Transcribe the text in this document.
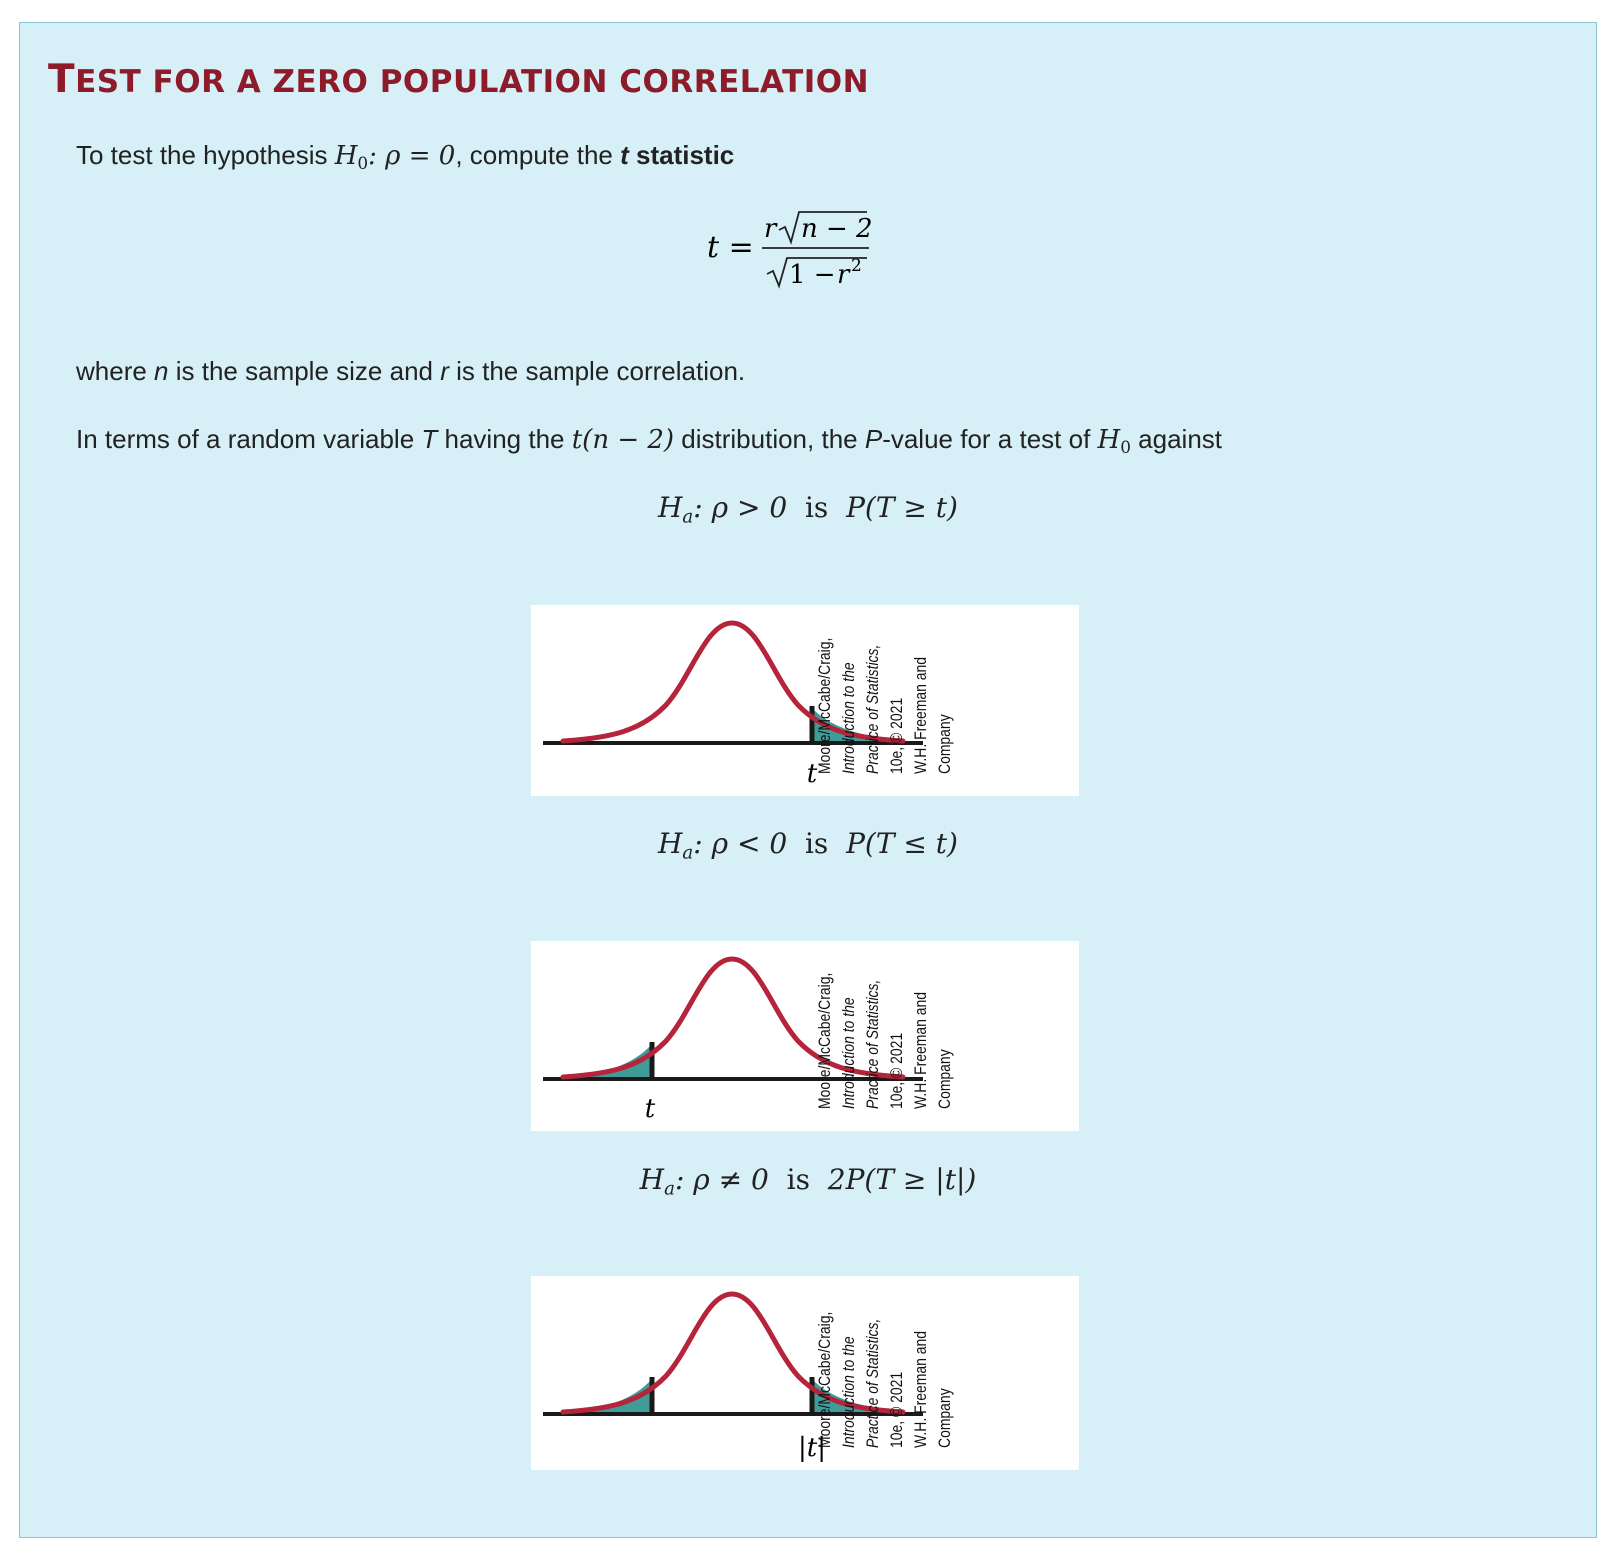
TEST FOR A ZERO POPULATION CORRELATION

To test the hypothesis $H_0$: ρ = 0, compute the t statistic

t =
r n − 2
1 − r 2

where n is the sample size and r is the sample correlation.

In terms of a random variable T having the t(n − 2) distribution, the P-value for a test of $H_0$ against

Ha: ρ > 0 is P(T ≥ t)
t
Moore/McCabe/Craig, Introduction to the Practice of Statistics, 10e, © 2021 W.H. Freeman and Company
Ha: ρ < 0 is P(T ≤ t)
t	Moore/McCabe/Craig, Introduction to the Practice of Statistics, 10e, © 2021 W.H. Freeman and Company
Ha: ρ ≠ 0 is 2P(T ≥ |t|)
|t|
Moore/McCabe/Craig, Introduction to the Practice of Statistics, 10e, © 2021 W.H. Freeman and Company
